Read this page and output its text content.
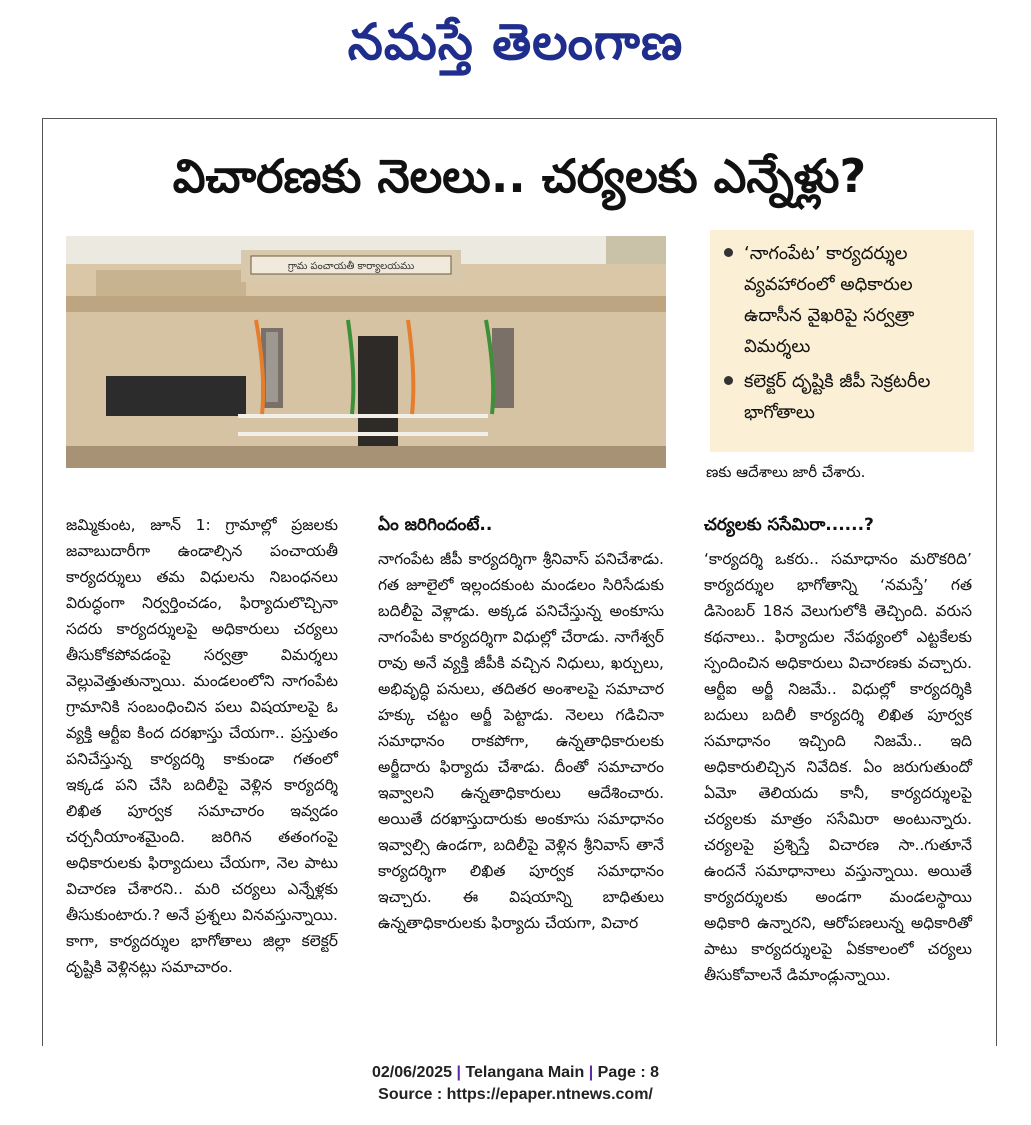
నమస్తే తెలంగాణ
విచారణకు నెలలు.. చర్యలకు ఎన్నేళ్లు?
గ్రామ పంచాయతీ కార్యాలయము
‘నాగంపేట’ కార్యదర్శుల వ్యవహారంలో అధికారుల ఉదాసీన వైఖరిపై సర్వత్రా విమర్శలు
కలెక్టర్ దృష్టికి జీపీ సెక్రటరీల భాగోతాలు
ణకు ఆదేశాలు జారీ చేశారు.

జమ్మికుంట, జూన్ 1: గ్రామాల్లో ప్రజలకు జవాబుదారీగా ఉండాల్సిన పంచాయతీ కార్యదర్శులు తమ విధులను నిబంధనలు విరుద్ధంగా నిర్వర్తించడం, ఫిర్యాదులొచ్చినా సదరు కార్యదర్శులపై అధికారులు చర్యలు తీసుకోకపోవడంపై సర్వత్రా విమర్శలు వెల్లువెత్తుతున్నాయి. మండలంలోని నాగంపేట గ్రామానికి సంబంధించిన పలు విషయాలపై ఓ వ్యక్తి ఆర్టీఐ కింద దరఖాస్తు చేయగా.. ప్రస్తుతం పనిచేస్తున్న కార్యదర్శి కాకుండా గతంలో ఇక్కడ పని చేసి బదిలీపై వెళ్లిన కార్యదర్శి లిఖిత పూర్వక సమాచారం ఇవ్వడం చర్చనీయాంశమైంది. జరిగిన తతంగంపై అధికారులకు ఫిర్యాదులు చేయగా, నెల పాటు విచారణ చేశారని.. మరి చర్యలు ఎన్నేళ్లకు తీసుకుంటారు.? అనే ప్రశ్నలు వినవస్తున్నాయి. కాగా, కార్యదర్శుల భాగోతాలు జిల్లా కలెక్టర్ దృష్టికి వెళ్లినట్లు సమాచారం.

ఏం జరిగిందంటే..

నాగంపేట జీపీ కార్యదర్శిగా శ్రీనివాస్ పనిచేశాడు. గత జూలైలో ఇల్లందకుంట మండలం సిరిసేడుకు బదిలీపై వెళ్లాడు. అక్కడ పనిచేస్తున్న అంకూసు నాగంపేట కార్యదర్శిగా విధుల్లో చేరాడు. నాగేశ్వర్ రావు అనే వ్యక్తి జీపీకి వచ్చిన నిధులు, ఖర్చులు, అభివృద్ధి పనులు, తదితర అంశాలపై సమాచార హక్కు చట్టం అర్జీ పెట్టాడు. నెలలు గడిచినా సమాధానం రాకపోగా, ఉన్నతాధికారులకు అర్జీదారు ఫిర్యాదు చేశాడు. దీంతో సమాచారం ఇవ్వాలని ఉన్నతాధికారులు ఆదేశించారు. అయితే దరఖాస్తుదారుకు అంకూసు సమాధానం ఇవ్వాల్సి ఉండగా, బదిలీపై వెళ్లిన శ్రీనివాస్ తానే కార్యదర్శిగా లిఖిత పూర్వక సమాధానం ఇచ్చారు. ఈ విషయాన్ని బాధితులు ఉన్నతాధికారులకు ఫిర్యాదు చేయగా, విచార

చర్యలకు ససేమిరా......?

‘కార్యదర్శి ఒకరు.. సమాధానం మరొకరిది’ కార్యదర్శుల భాగోతాన్ని ‘నమస్తే’ గత డిసెంబర్ 18న వెలుగులోకి తెచ్చింది. వరుస కథనాలు.. ఫిర్యాదుల నేపథ్యంలో ఎట్టకేలకు స్పందించిన అధికారులు విచారణకు వచ్చారు. ఆర్టీఐ అర్జీ నిజమే.. విధుల్లో కార్యదర్శికి బదులు బదిలీ కార్యదర్శి లిఖిత పూర్వక సమాధానం ఇచ్చింది నిజమే.. ఇది అధికారులిచ్చిన నివేదిక. ఏం జరుగుతుందో ఏమో తెలియదు కానీ, కార్యదర్శులపై చర్యలకు మాత్రం ససేమిరా అంటున్నారు. చర్యలపై ప్రశ్నిస్తే విచారణ సా..గుతూనే ఉందనే సమాధానాలు వస్తున్నాయి. అయితే కార్యదర్శులకు అండగా మండలస్థాయి అధికారి ఉన్నారని, ఆరోపణలున్న అధికారితో పాటు కార్యదర్శులపై ఏకకాలంలో చర్యలు తీసుకోవాలనే డిమాండ్లున్నాయి.

02/06/2025 | Telangana Main | Page : 8
Source : https://epaper.ntnews.com/
